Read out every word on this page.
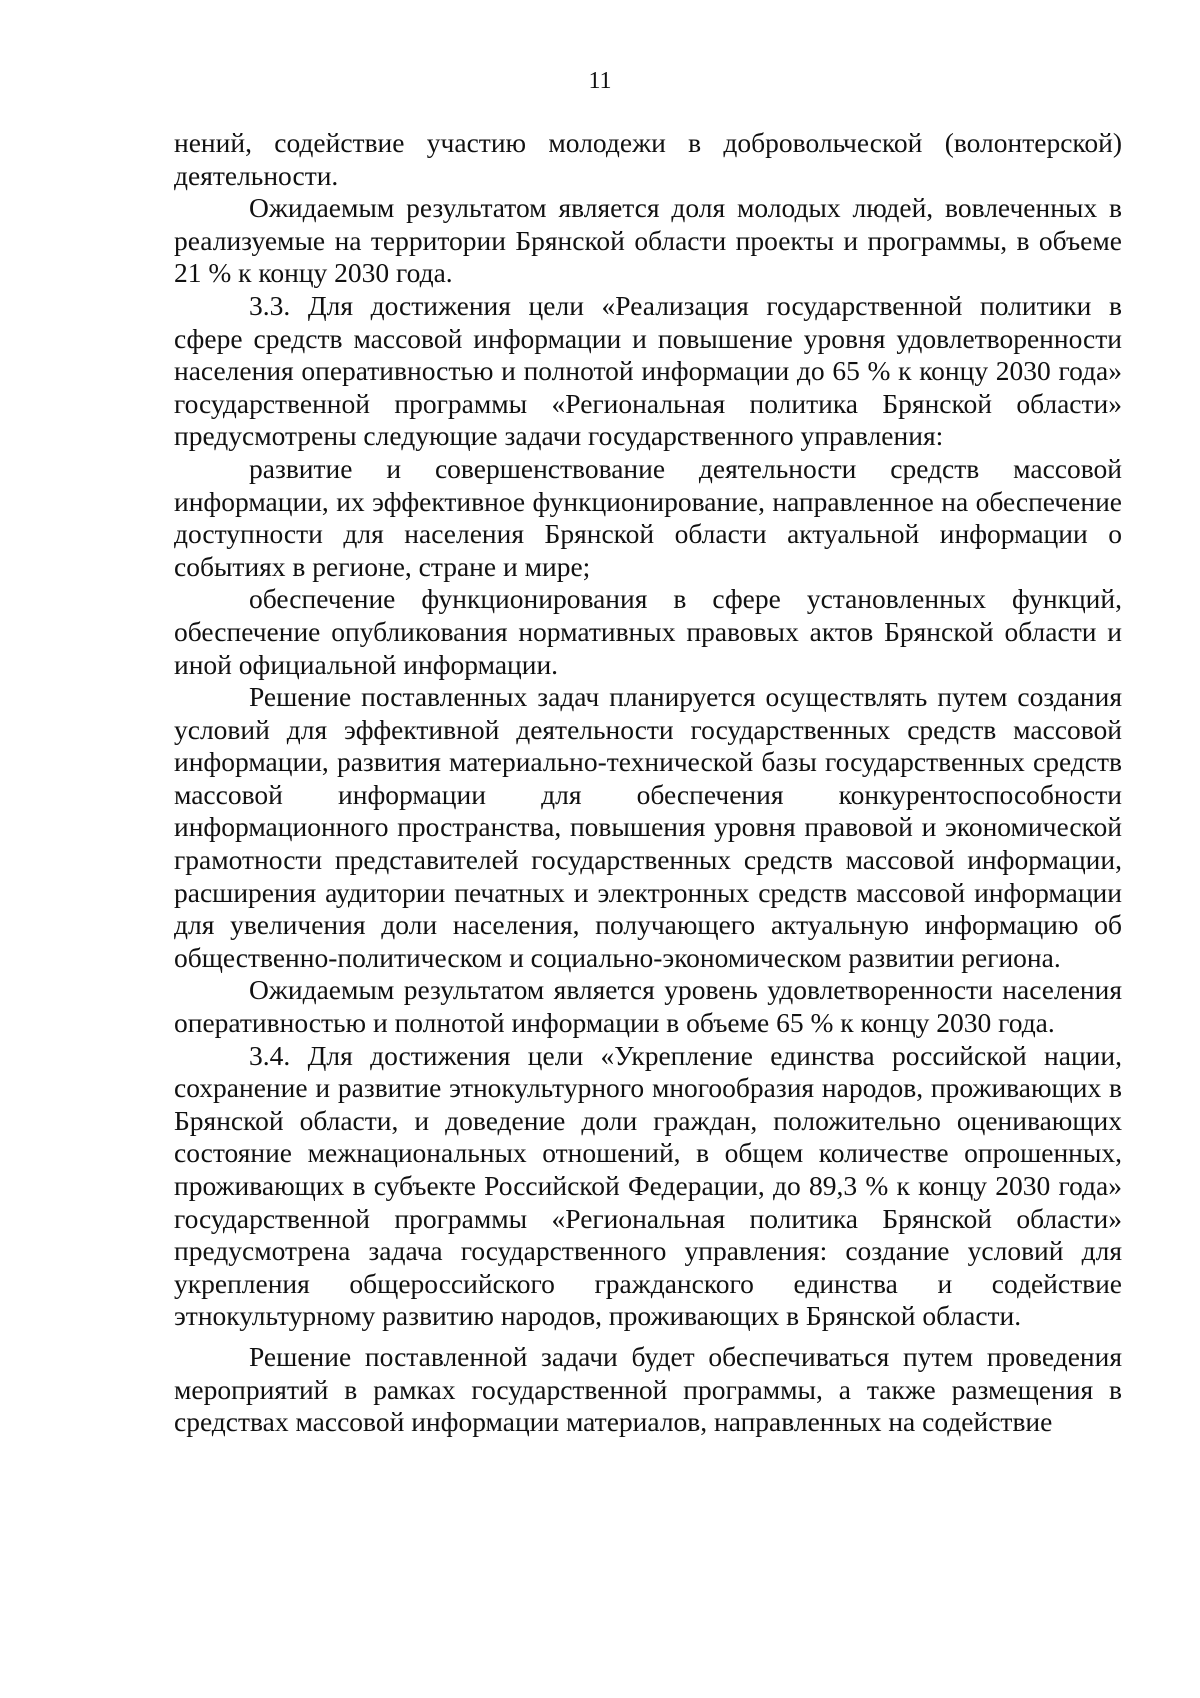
11

нений, содействие участию молодежи в добровольческой (волонтерской) деятельности.

Ожидаемым результатом является доля молодых людей, вовлеченных в реализуемые на территории Брянской области проекты и программы, в объеме 21 % к концу 2030 года.

3.3. Для достижения цели «Реализация государственной политики в сфере средств массовой информации и повышение уровня удовлетворенности населения оперативностью и полнотой информации до 65 % к концу 2030 года» государственной программы «Региональная политика Брянской области» предусмотрены следующие задачи государственного управления:

развитие и совершенствование деятельности средств массовой информации, их эффективное функционирование, направленное на обеспечение доступности для населения Брянской области актуальной информации о событиях в регионе, стране и мире;

обеспечение функционирования в сфере установленных функций, обеспечение опубликования нормативных правовых актов Брянской области и иной официальной информации.

Решение поставленных задач планируется осуществлять путем создания условий для эффективной деятельности государственных средств массовой информации, развития материально-технической базы государственных средств массовой информации для обеспечения конкурентоспособности информационного пространства, повышения уровня правовой и экономической грамотности представителей государственных средств массовой информации, расширения аудитории печатных и электронных средств массовой информации для увеличения доли населения, получающего актуальную информацию об общественно-политическом и социально-экономическом развитии региона.

Ожидаемым результатом является уровень удовлетворенности населения оперативностью и полнотой информации в объеме 65 % к концу 2030 года.

3.4. Для достижения цели «Укрепление единства российской нации, сохранение и развитие этнокультурного многообразия народов, проживающих в Брянской области, и доведение доли граждан, положительно оценивающих состояние межнациональных отношений, в общем количестве опрошенных, проживающих в субъекте Российской Федерации, до 89,3 % к концу 2030 года» государственной программы «Региональная политика Брянской области» предусмотрена задача государственного управления: создание условий для укрепления общероссийского гражданского единства и содействие этнокультурному развитию народов, проживающих в Брянской области.

Решение поставленной задачи будет обеспечиваться путем проведения мероприятий в рамках государственной программы, а также размещения в средствах массовой информации материалов, направленных на содействие
